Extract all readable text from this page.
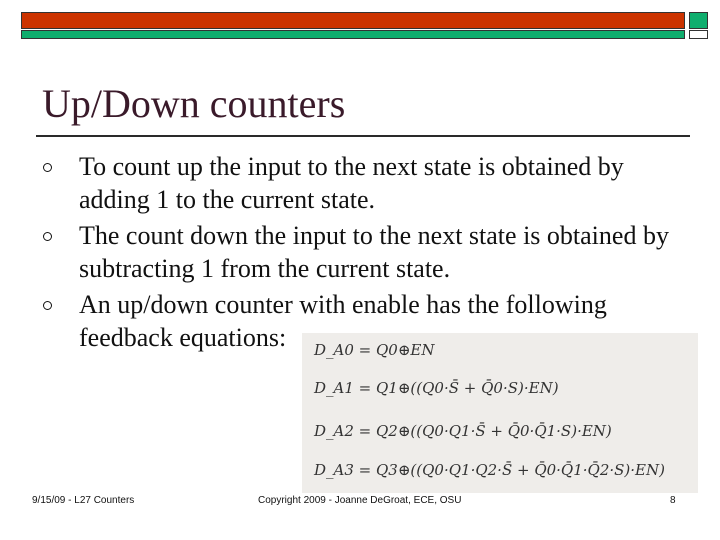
Up/Down counters
To count up the input to the next state is obtained by adding 1 to the current state.
The count down the input to the next state is obtained by subtracting 1 from the current state.
An up/down counter with enable has the following feedback equations:	D_A0 = Q0⊕EN
D_A1 = Q1⊕((Q0·S̄ + Q̄0·S)·EN)
D_A2 = Q2⊕((Q0·Q1·S̄ + Q̄0·Q̄1·S)·EN)
D_A3 = Q3⊕((Q0·Q1·Q2·S̄ + Q̄0·Q̄1·Q̄2·S)·EN)
9/15/09 - L27 Counters	Copyright 2009 - Joanne DeGroat, ECE, OSU	8
